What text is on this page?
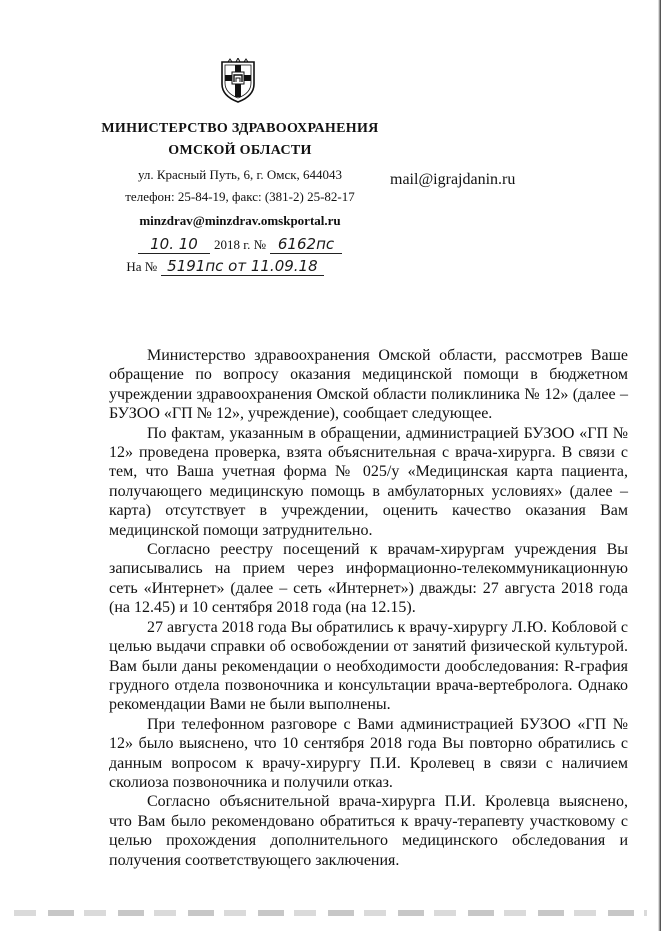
МИНИСТЕРСТВО ЗДРАВООХРАНЕНИЯ

ОМСКОЙ ОБЛАСТИ

ул. Красный Путь, 6, г. Омск, 644043

телефон: 25-84-19, факс: (381-2) 25-82-17

minzdrav@minzdrav.omskportal.ru
10. 10	2018 г. № 6162пс
На № 5191пс от 11.09.18
mail@igrajdanin.ru

Министерство здравоохранения Омской области, рассмотрев Ваше обращение по вопросу оказания медицинской помощи в бюджетном учреждении здравоохранения Омской области поликлиника № 12» (далее – БУЗОО «ГП № 12», учреждение), сообщает следующее.

По фактам, указанным в обращении, администрацией БУЗОО «ГП № 12» проведена проверка, взята объяснительная с врача-хирурга. В связи с тем, что Ваша учетная форма № 025/у «Медицинская карта пациента, получающего медицинскую помощь в амбулаторных условиях» (далее – карта) отсутствует в учреждении, оценить качество оказания Вам медицинской помощи затруднительно.

Согласно реестру посещений к врачам-хирургам учреждения Вы записывались на прием через информационно-телекоммуникационную сеть «Интернет» (далее – сеть «Интернет») дважды: 27 августа 2018 года (на 12.45) и 10 сентября 2018 года (на 12.15).

27 августа 2018 года Вы обратились к врачу-хирургу Л.Ю. Кобловой с целью выдачи справки об освобождении от занятий физической культурой. Вам были даны рекомендации о необходимости дообследования: R-графия грудного отдела позвоночника и консультации врача-вертебролога. Однако рекомендации Вами не были выполнены.

При телефонном разговоре с Вами администрацией БУЗОО «ГП № 12» было выяснено, что 10 сентября 2018 года Вы повторно обратились с данным вопросом к врачу-хирургу П.И. Кролевец в связи с наличием сколиоза позвоночника и получили отказ.

Согласно объяснительной врача-хирурга П.И. Кролевца выяснено, что Вам было рекомендовано обратиться к врачу-терапевту участковому с целью прохождения дополнительного медицинского обследования и получения соответствующего заключения.
